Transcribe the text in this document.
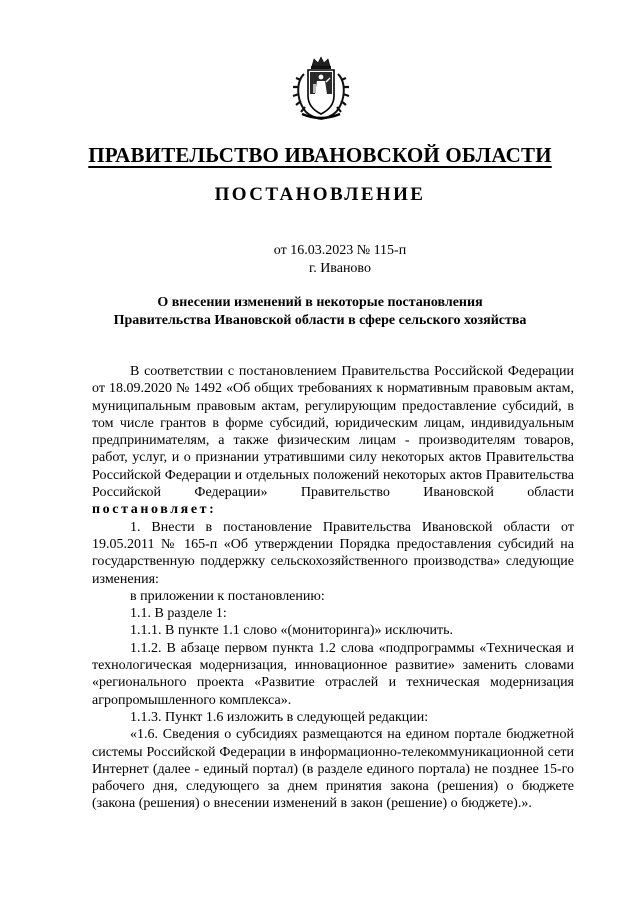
ПРАВИТЕЛЬСТВО ИВАНОВСКОЙ ОБЛАСТИ
ПОСТАНОВЛЕНИЕ
от 16.03.2023 № 115-п
г. Иваново
О внесении изменений в некоторые постановления
Правительства Ивановской области в сфере сельского хозяйства

В соответствии с постановлением Правительства Российской Федерации от 18.09.2020 № 1492 «Об общих требованиях к нормативным правовым актам, муниципальным правовым актам, регулирующим предоставление субсидий, в том числе грантов в форме субсидий, юридическим лицам, индивидуальным предпринимателям, а также физическим лицам - производителям товаров, работ, услуг, и о признании утратившими силу некоторых актов Правительства Российской Федерации и отдельных положений некоторых актов Правительства Российской Федерации» Правительство Ивановской области постановляет:

1. Внести в постановление Правительства Ивановской области от 19.05.2011 № 165-п «Об утверждении Порядка предоставления субсидий на государственную поддержку сельскохозяйственного производства» следующие изменения:

в приложении к постановлению:

1.1. В разделе 1:

1.1.1. В пункте 1.1 слово «(мониторинга)» исключить.

1.1.2. В абзаце первом пункта 1.2 слова «подпрограммы «Техническая и технологическая модернизация, инновационное развитие» заменить словами «регионального проекта «Развитие отраслей и техническая модернизация агропромышленного комплекса».

1.1.3. Пункт 1.6 изложить в следующей редакции:

«1.6. Сведения о субсидиях размещаются на едином портале бюджетной системы Российской Федерации в информационно-телекоммуникационной сети Интернет (далее - единый портал) (в разделе единого портала) не позднее 15-го рабочего дня, следующего за днем принятия закона (решения) о бюджете (закона (решения) о внесении изменений в закон (решение) о бюджете).».
